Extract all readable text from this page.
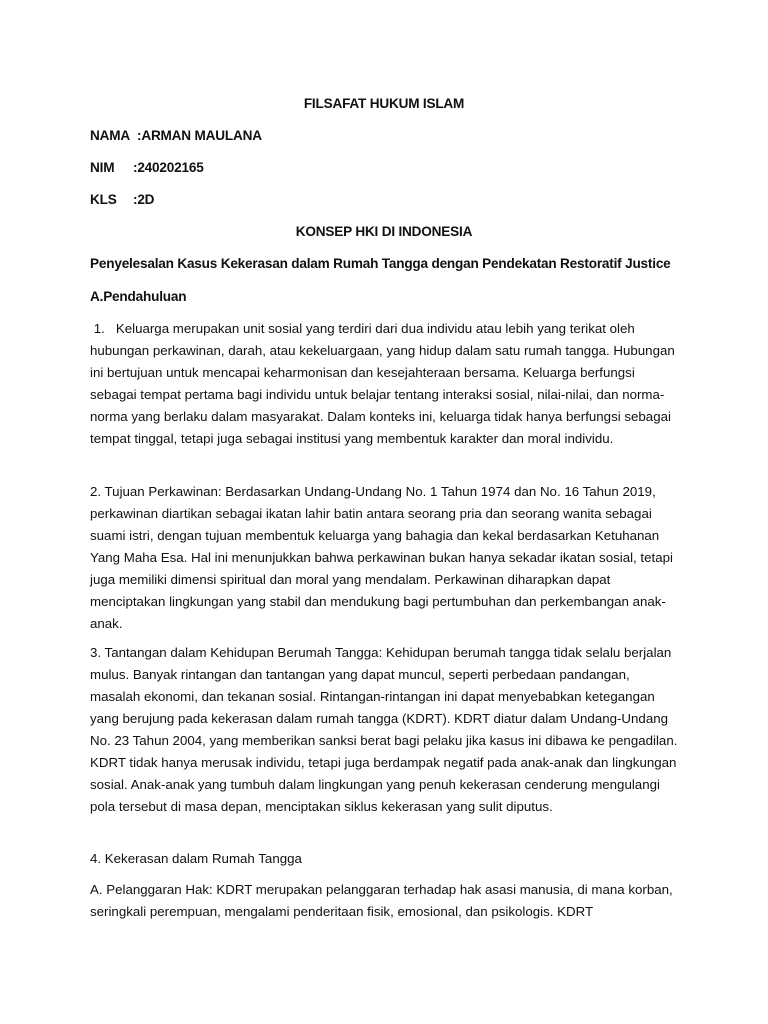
FILSAFAT HUKUM ISLAM

NAMA :ARMAN MAULANA

NIM :240202165

KLS :2D

KONSEP HKI DI INDONESIA

Penyelesalan Kasus Kekerasan dalam Rumah Tangga dengan Pendekatan Restoratif Justice

A.Pendahuluan

1.   Keluarga merupakan unit sosial yang terdiri dari dua individu atau lebih yang terikat oleh hubungan perkawinan, darah, atau kekeluargaan, yang hidup dalam satu rumah tangga. Hubungan ini bertujuan untuk mencapai keharmonisan dan kesejahteraan bersama. Keluarga berfungsi sebagai tempat pertama bagi individu untuk belajar tentang interaksi sosial, nilai-nilai, dan norma-norma yang berlaku dalam masyarakat. Dalam konteks ini, keluarga tidak hanya berfungsi sebagai tempat tinggal, tetapi juga sebagai institusi yang membentuk karakter dan moral individu.

2. Tujuan Perkawinan: Berdasarkan Undang-Undang No. 1 Tahun 1974 dan No. 16 Tahun 2019, perkawinan diartikan sebagai ikatan lahir batin antara seorang pria dan seorang wanita sebagai suami istri, dengan tujuan membentuk keluarga yang bahagia dan kekal berdasarkan Ketuhanan Yang Maha Esa. Hal ini menunjukkan bahwa perkawinan bukan hanya sekadar ikatan sosial, tetapi juga memiliki dimensi spiritual dan moral yang mendalam. Perkawinan diharapkan dapat menciptakan lingkungan yang stabil dan mendukung bagi pertumbuhan dan perkembangan anak-anak.

3. Tantangan dalam Kehidupan Berumah Tangga: Kehidupan berumah tangga tidak selalu berjalan mulus. Banyak rintangan dan tantangan yang dapat muncul, seperti perbedaan pandangan, masalah ekonomi, dan tekanan sosial. Rintangan-rintangan ini dapat menyebabkan ketegangan yang berujung pada kekerasan dalam rumah tangga (KDRT). KDRT diatur dalam Undang-Undang No. 23 Tahun 2004, yang memberikan sanksi berat bagi pelaku jika kasus ini dibawa ke pengadilan. KDRT tidak hanya merusak individu, tetapi juga berdampak negatif pada anak-anak dan lingkungan sosial. Anak-anak yang tumbuh dalam lingkungan yang penuh kekerasan cenderung mengulangi pola tersebut di masa depan, menciptakan siklus kekerasan yang sulit diputus.

4. Kekerasan dalam Rumah Tangga

A. Pelanggaran Hak: KDRT merupakan pelanggaran terhadap hak asasi manusia, di mana korban, seringkali perempuan, mengalami penderitaan fisik, emosional, dan psikologis. KDRT
